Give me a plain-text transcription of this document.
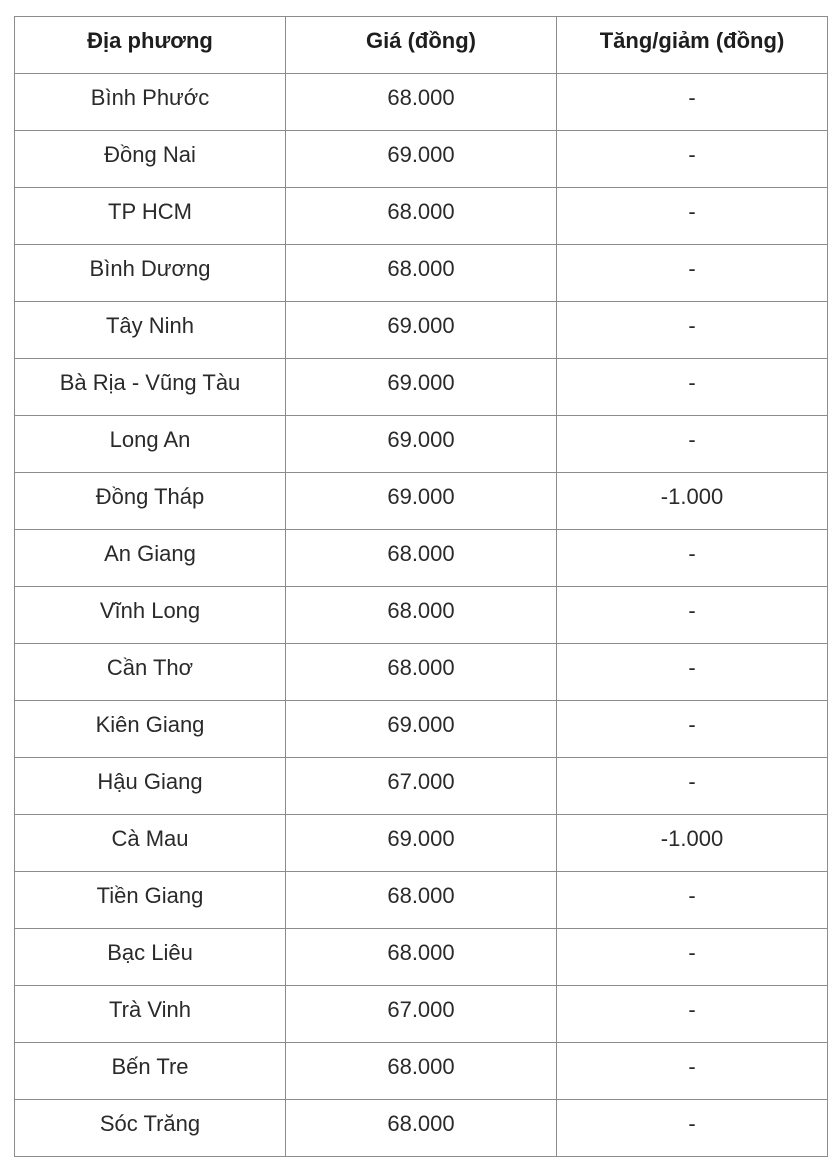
Địa phương	Giá (đồng)	Tăng/giảm (đồng)
Bình Phước	68.000	-
Đồng Nai	69.000	-
TP HCM	68.000	-
Bình Dương	68.000	-
Tây Ninh	69.000	-
Bà Rịa - Vũng Tàu	69.000	-
Long An	69.000	-
Đồng Tháp	69.000	-1.000
An Giang	68.000	-
Vĩnh Long	68.000	-
Cần Thơ	68.000	-
Kiên Giang	69.000	-
Hậu Giang	67.000	-
Cà Mau	69.000	-1.000
Tiền Giang	68.000	-
Bạc Liêu	68.000	-
Trà Vinh	67.000	-
Bến Tre	68.000	-
Sóc Trăng	68.000	-
